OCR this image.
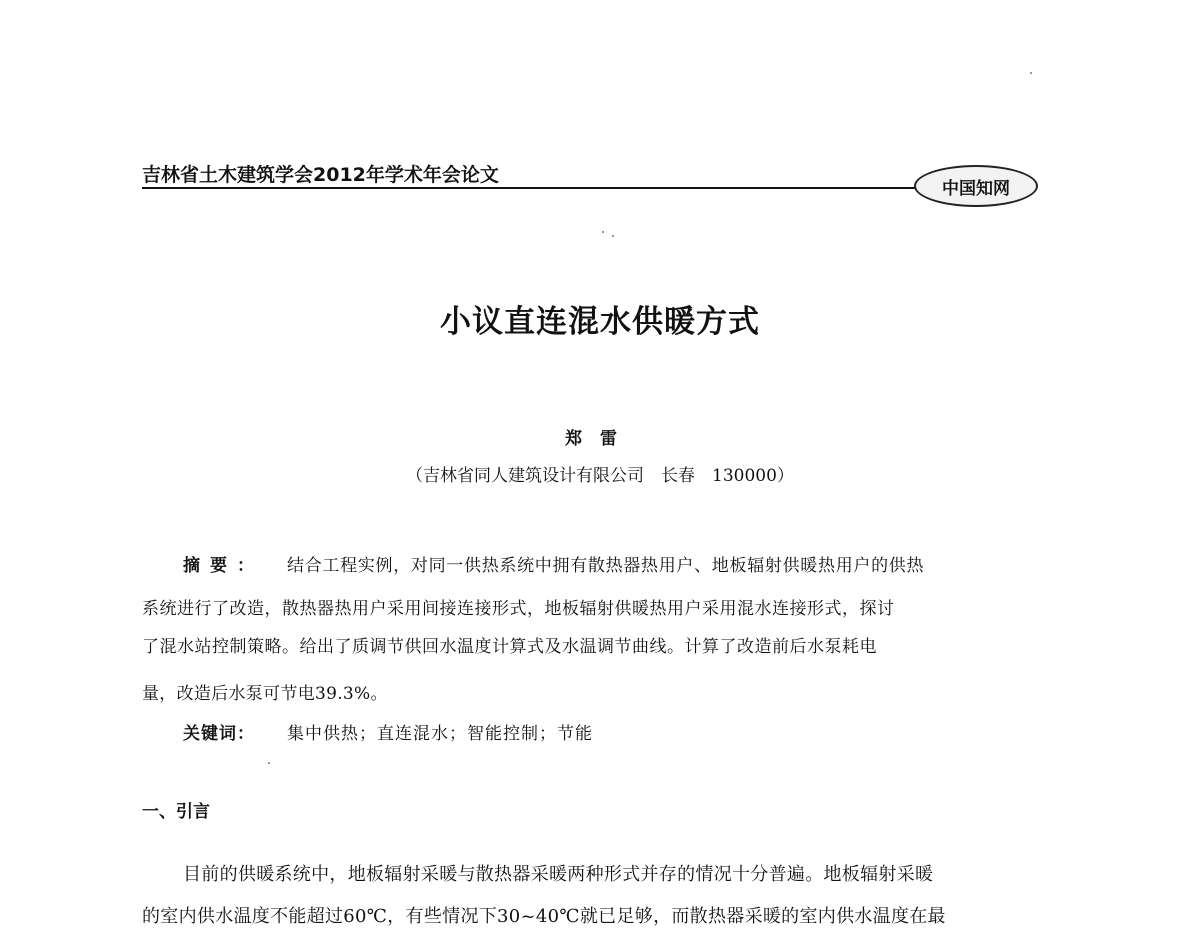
吉林省土木建筑学会2012年学术年会论文
中国知网
小议直连混水供暖方式
郑雷
（吉林省同人建筑设计有限公司　长春　130000）
摘要： 结合工程实例，对同一供热系统中拥有散热器热用户、地板辐射供暖热用户的供热
系统进行了改造，散热器热用户采用间接连接形式，地板辐射供暖热用户采用混水连接形式，探讨
了混水站控制策略。给出了质调节供回水温度计算式及水温调节曲线。计算了改造前后水泵耗电
量，改造后水泵可节电39.3%。
关键词： 集中供热；直连混水；智能控制；节能
一、引言
目前的供暖系统中，地板辐射采暖与散热器采暖两种形式并存的情况十分普遍。地板辐射采暖
的室内供水温度不能超过60℃，有些情况下30~40℃就已足够，而散热器采暖的室内供水温度在最
